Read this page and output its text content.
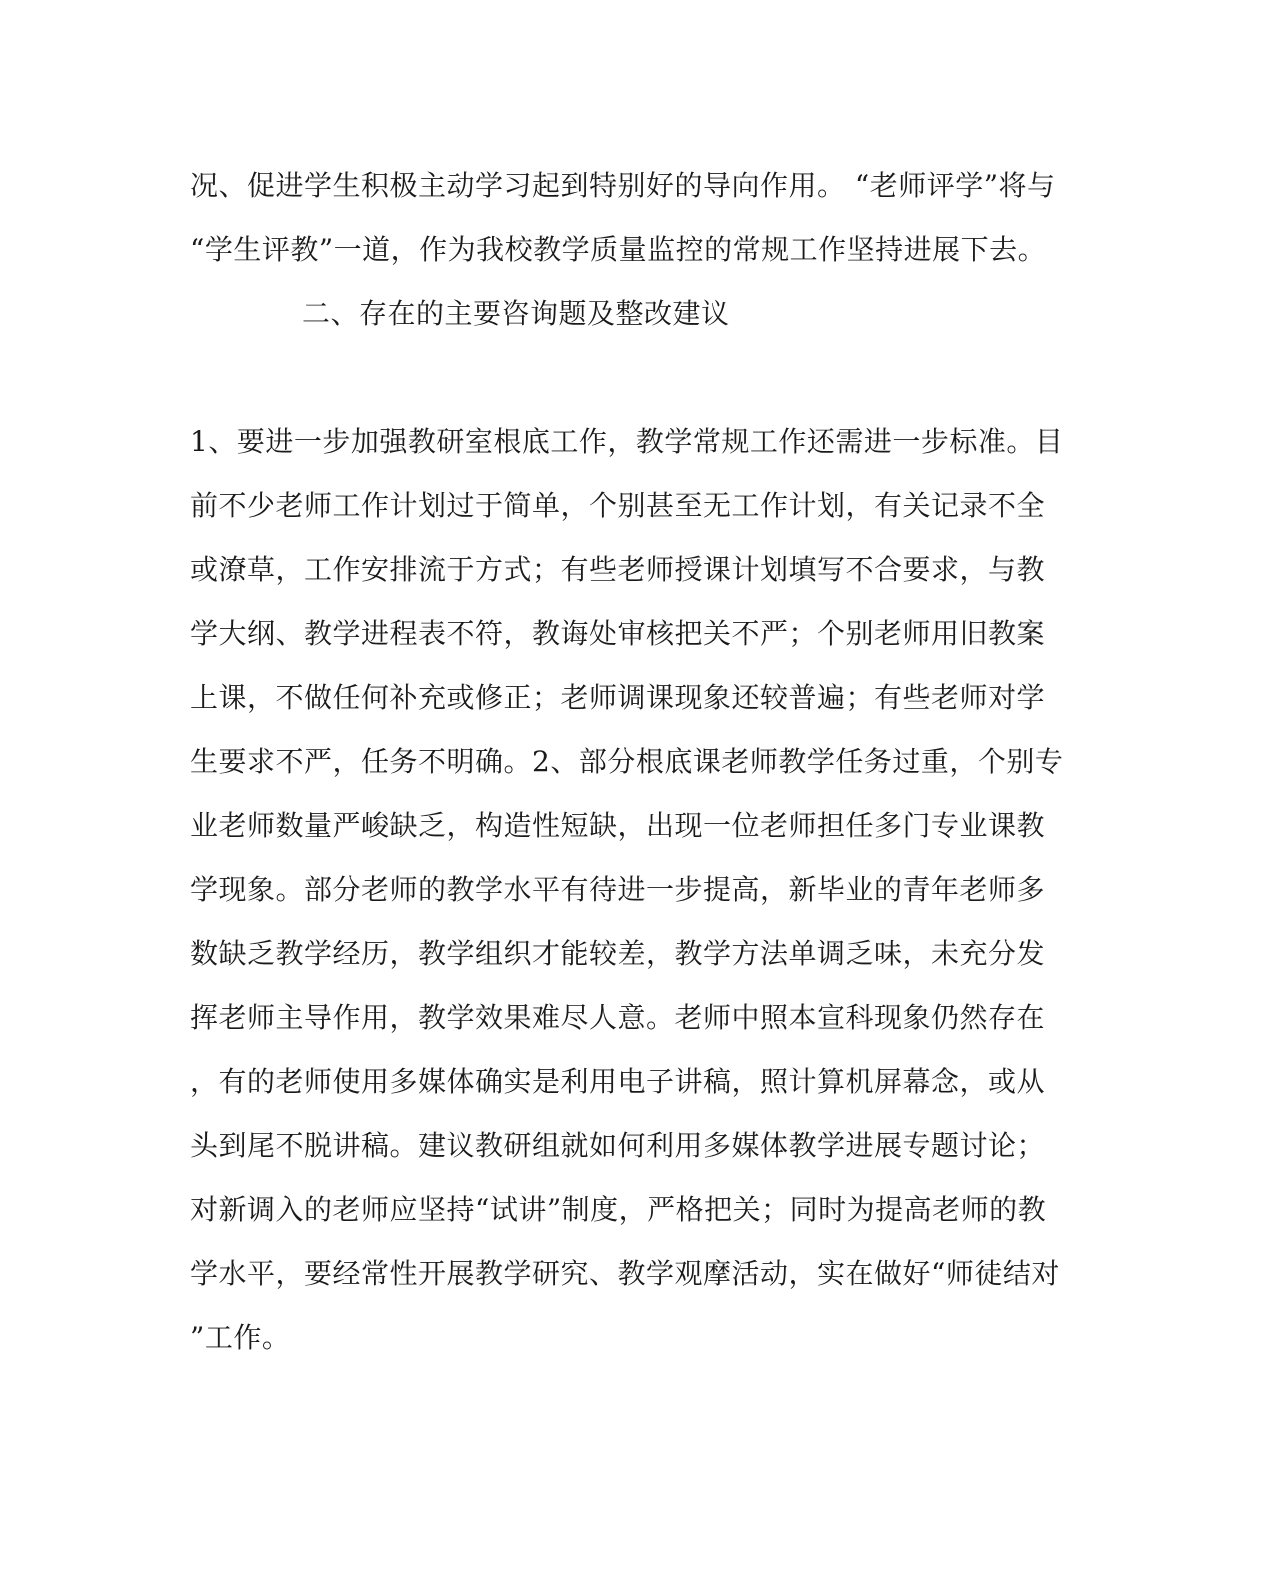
况、促进学生积极主动学习起到特别好的导向作用。 “老师评学”将与
“学生评教”一道，作为我校教学质量监控的常规工作坚持进展下去。
二、存在的主要咨询题及整改建议
1、要进一步加强教研室根底工作，教学常规工作还需进一步标准。目
前不少老师工作计划过于简单，个别甚至无工作计划，有关记录不全
或潦草，工作安排流于方式；有些老师授课计划填写不合要求，与教
学大纲、教学进程表不符，教诲处审核把关不严；个别老师用旧教案
上课，不做任何补充或修正；老师调课现象还较普遍；有些老师对学
生要求不严，任务不明确。2、部分根底课老师教学任务过重，个别专
业老师数量严峻缺乏，构造性短缺，出现一位老师担任多门专业课教
学现象。部分老师的教学水平有待进一步提高，新毕业的青年老师多
数缺乏教学经历，教学组织才能较差，教学方法单调乏味，未充分发
挥老师主导作用，教学效果难尽人意。老师中照本宣科现象仍然存在
，有的老师使用多媒体确实是利用电子讲稿，照计算机屏幕念，或从
头到尾不脱讲稿。建议教研组就如何利用多媒体教学进展专题讨论；
对新调入的老师应坚持“试讲”制度，严格把关；同时为提高老师的教
学水平，要经常性开展教学研究、教学观摩活动，实在做好“师徒结对
”工作。
